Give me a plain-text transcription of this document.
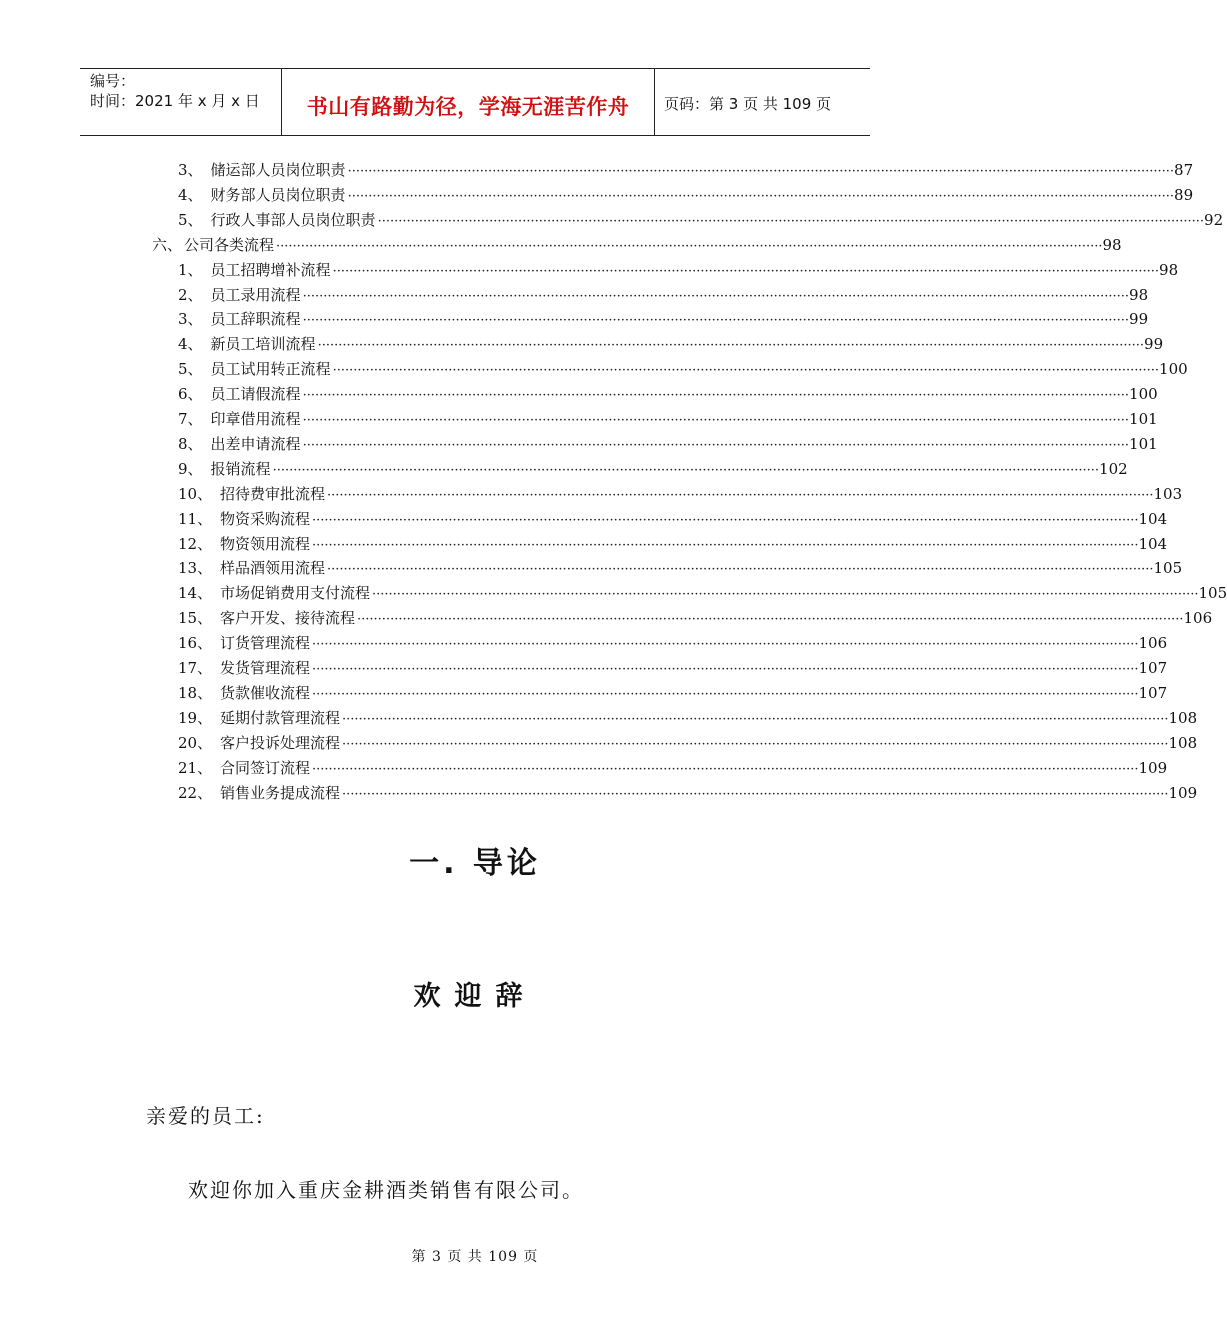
编号：
时间：2021 年 x 月 x 日	书山有路勤为径，学海无涯苦作舟	页码：第 3 页 共 109 页
3、 储运部人员岗位职责 ········································································································································································································ 87
4、 财务部人员岗位职责 ········································································································································································································ 89
5、 行政人事部人员岗位职责 ········································································································································································································ 92
六、 公司各类流程 ········································································································································································································ 98
1、 员工招聘增补流程 ········································································································································································································ 98
2、 员工录用流程 ········································································································································································································ 98
3、 员工辞职流程 ········································································································································································································ 99
4、 新员工培训流程 ········································································································································································································ 99
5、 员工试用转正流程 ········································································································································································································ 100
6、 员工请假流程 ········································································································································································································ 100
7、 印章借用流程 ········································································································································································································ 101
8、 出差申请流程 ········································································································································································································ 101
9、 报销流程 ········································································································································································································ 102
10、 招待费审批流程 ········································································································································································································ 103
11、 物资采购流程 ········································································································································································································ 104
12、 物资领用流程 ········································································································································································································ 104
13、 样品酒领用流程 ········································································································································································································ 105
14、 市场促销费用支付流程 ········································································································································································································ 105
15、 客户开发、接待流程 ········································································································································································································ 106
16、 订货管理流程 ········································································································································································································ 106
17、 发货管理流程 ········································································································································································································ 107
18、 货款催收流程 ········································································································································································································ 107
19、 延期付款管理流程 ········································································································································································································ 108
20、 客户投诉处理流程 ········································································································································································································ 108
21、 合同签订流程 ········································································································································································································ 109
22、 销售业务提成流程 ········································································································································································································ 109
一. 导论
欢迎辞
亲爱的员工:
欢迎你加入重庆金耕酒类销售有限公司。
第 3 页 共 109 页
